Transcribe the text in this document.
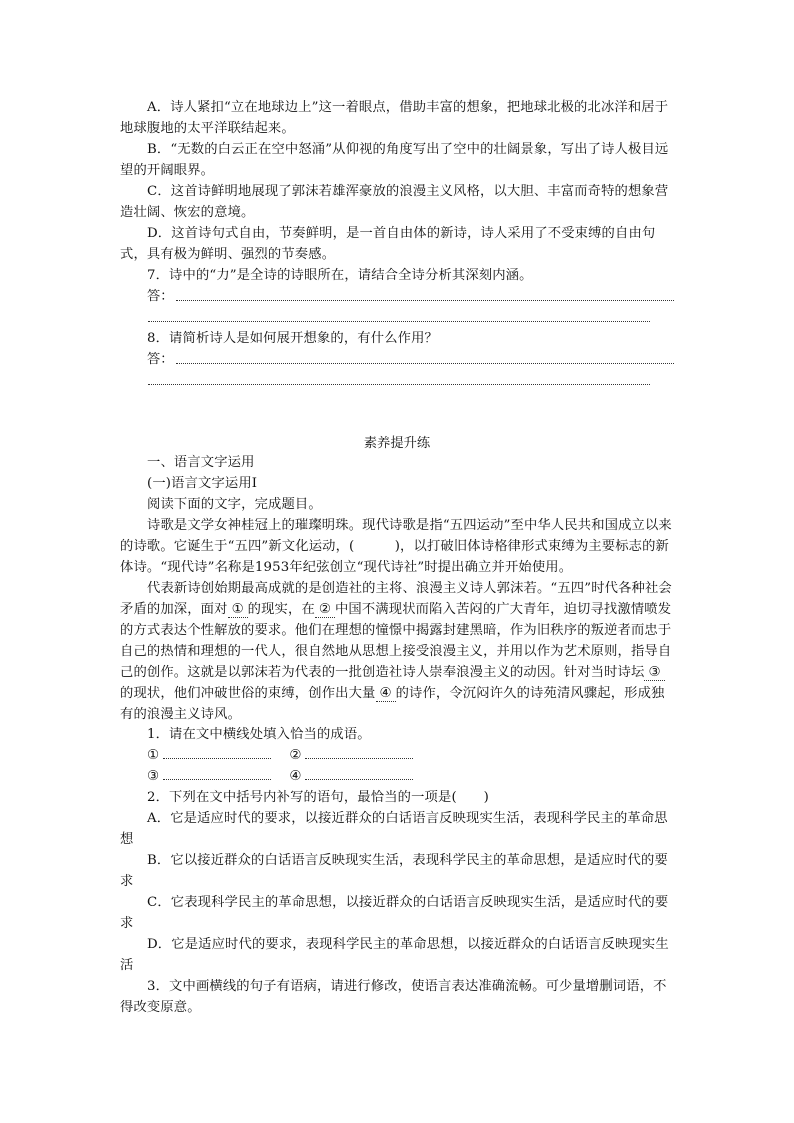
A．诗人紧扣“立在地球边上”这一着眼点，借助丰富的想象，把地球北极的北冰洋和居于地球腹地的太平洋联结起来。

B．“无数的白云正在空中怒涌”从仰视的角度写出了空中的壮阔景象，写出了诗人极目远望的开阔眼界。

C．这首诗鲜明地展现了郭沫若雄浑豪放的浪漫主义风格，以大胆、丰富而奇特的想象营造壮阔、恢宏的意境。

D．这首诗句式自由，节奏鲜明，是一首自由体的新诗，诗人采用了不受束缚的自由句式，具有极为鲜明、强烈的节奏感。

7．诗中的“力”是全诗的诗眼所在，请结合全诗分析其深刻内涵。

答：

8．请简析诗人是如何展开想象的，有什么作用？

答：
素养提升练

一、语言文字运用

(一)语言文字运用Ⅰ

阅读下面的文字，完成题目。

诗歌是文学女神桂冠上的璀璨明珠。现代诗歌是指“五四运动”至中华人民共和国成立以来的诗歌。它诞生于“五四”新文化运动，(　　　)，以打破旧体诗格律形式束缚为主要标志的新体诗。“现代诗”名称是1953年纪弦创立“现代诗社”时提出确立并开始使用。

代表新诗创始期最高成就的是创造社的主将、浪漫主义诗人郭沫若。“五四”时代各种社会矛盾的加深，面对 ① 的现实，在 ② 中国不满现状而陷入苦闷的广大青年，迫切寻找激情喷发的方式表达个性解放的要求。他们在理想的憧憬中揭露封建黑暗，作为旧秩序的叛逆者而忠于自己的热情和理想的一代人，很自然地从思想上接受浪漫主义，并用以作为艺术原则，指导自己的创作。这就是以郭沫若为代表的一批创造社诗人崇奉浪漫主义的动因。针对当时诗坛 ③的现状，他们冲破世俗的束缚，创作出大量 ④ 的诗作，令沉闷许久的诗苑清风骤起，形成独有的浪漫主义诗风。

1．请在文中横线处填入恰当的成语。

①	②
③	④

2．下列在文中括号内补写的语句，最恰当的一项是(　　)

A．它是适应时代的要求，以接近群众的白话语言反映现实生活，表现科学民主的革命思想

B．它以接近群众的白话语言反映现实生活，表现科学民主的革命思想，是适应时代的要求

C．它表现科学民主的革命思想，以接近群众的白话语言反映现实生活，是适应时代的要求

D．它是适应时代的要求，表现科学民主的革命思想，以接近群众的白话语言反映现实生活

3．文中画横线的句子有语病，请进行修改，使语言表达准确流畅。可少量增删词语，不得改变原意。
